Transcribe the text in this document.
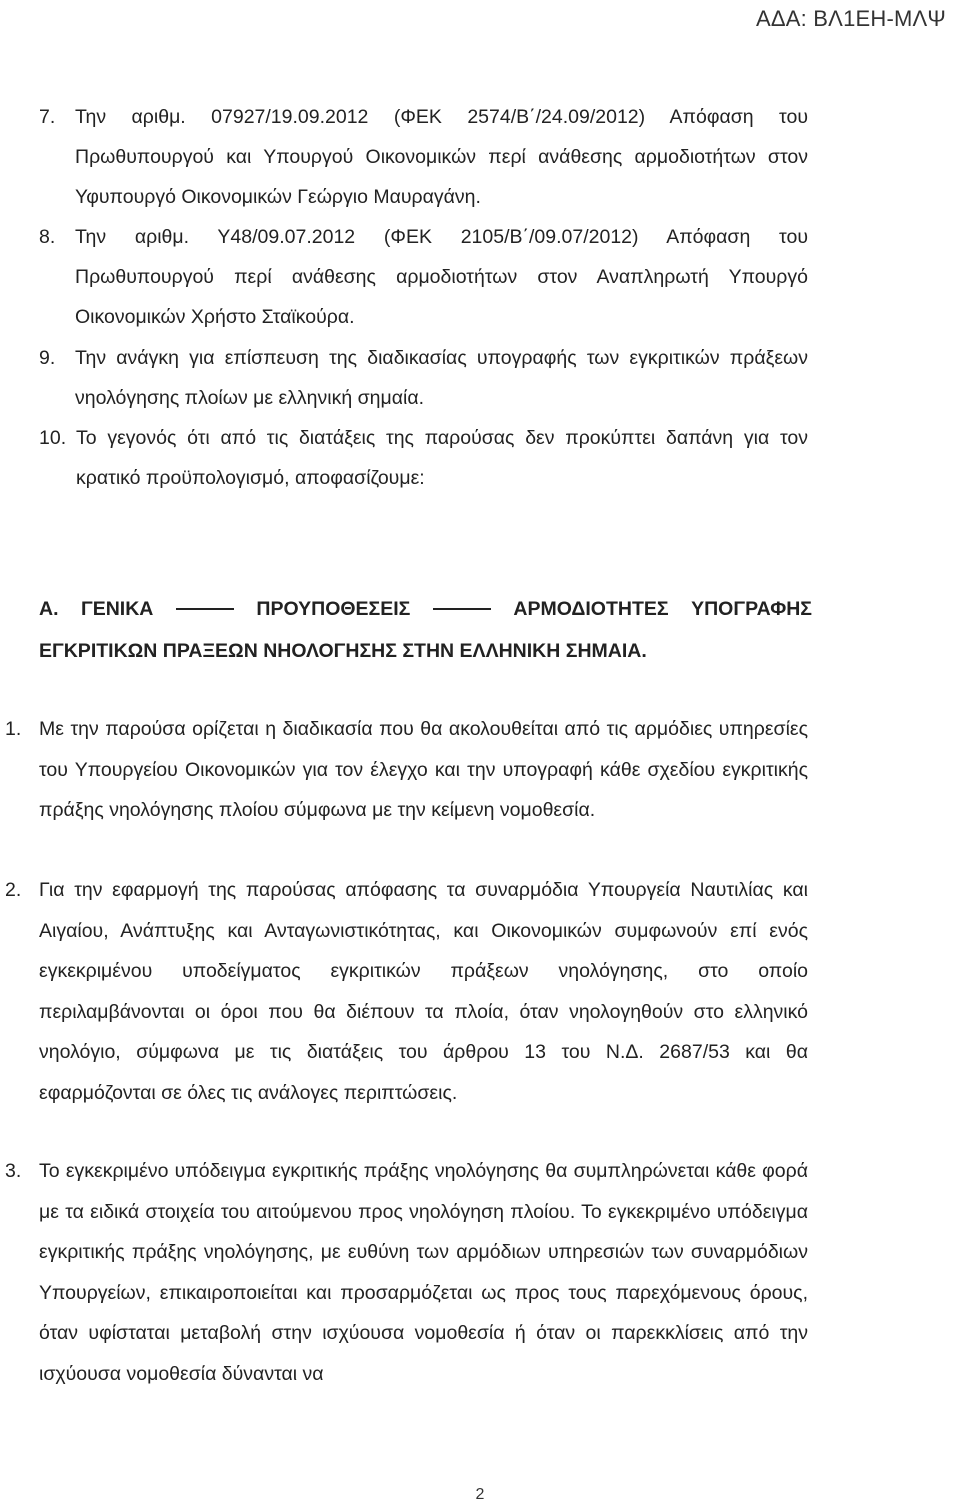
ΑΔΑ: ΒΛ1ΕΗ-ΜΛΨ
7. Την αριθμ. 07927/19.09.2012 (ΦΕΚ 2574/Β΄/24.09/2012) Απόφαση του Πρωθυπουργού και Υπουργού Οικονομικών περί ανάθεσης αρμοδιοτήτων στον Υφυπουργό Οικονομικών Γεώργιο Μαυραγάνη.
8. Την αριθμ. Υ48/09.07.2012 (ΦΕΚ 2105/Β΄/09.07/2012) Απόφαση του Πρωθυπουργού περί ανάθεσης αρμοδιοτήτων στον Αναπληρωτή Υπουργό Οικονομικών Χρήστο Σταϊκούρα.
9. Την ανάγκη για επίσπευση της διαδικασίας υπογραφής των εγκριτικών πράξεων νηολόγησης πλοίων με ελληνική σημαία.
10. Το γεγονός ότι από τις διατάξεις της παρούσας δεν προκύπτει δαπάνη για τον κρατικό προϋπολογισμό, αποφασίζουμε:
Α. ΓΕΝΙΚΑ	ΠΡΟΥΠΟΘΕΣΕΙΣ	ΑΡΜΟΔΙΟΤΗΤΕΣ ΥΠΟΓΡΑΦΗΣ
ΕΓΚΡΙΤΙΚΩΝ ΠΡΑΞΕΩΝ ΝΗΟΛΟΓΗΣΗΣ ΣΤΗΝ ΕΛΛΗΝΙΚΗ ΣΗΜΑΙΑ.
1. Με την παρούσα ορίζεται η διαδικασία που θα ακολουθείται από τις αρμόδιες υπηρεσίες του Υπουργείου Οικονομικών για τον έλεγχο και την υπογραφή κάθε σχεδίου εγκριτικής πράξης νηολόγησης πλοίου σύμφωνα με την κείμενη νομοθεσία.
2. Για την εφαρμογή της παρούσας απόφασης τα συναρμόδια Υπουργεία Ναυτιλίας και Αιγαίου, Ανάπτυξης και Ανταγωνιστικότητας, και Οικονομικών συμφωνούν επί ενός εγκεκριμένου υποδείγματος εγκριτικών πράξεων νηολόγησης, στο οποίο περιλαμβάνονται οι όροι που θα διέπουν τα πλοία, όταν νηολογηθούν στο ελληνικό νηολόγιο, σύμφωνα με τις διατάξεις του άρθρου 13 του Ν.Δ. 2687/53 και θα εφαρμόζονται σε όλες τις ανάλογες περιπτώσεις.
3. Το εγκεκριμένο υπόδειγμα εγκριτικής πράξης νηολόγησης θα συμπληρώνεται κάθε φορά με τα ειδικά στοιχεία του αιτούμενου προς νηολόγηση πλοίου. Το εγκεκριμένο υπόδειγμα εγκριτικής πράξης νηολόγησης, με ευθύνη των αρμόδιων υπηρεσιών των συναρμόδιων Υπουργείων, επικαιροποιείται και προσαρμόζεται ως προς τους παρεχόμενους όρους, όταν υφίσταται μεταβολή στην ισχύουσα νομοθεσία ή όταν οι παρεκκλίσεις από την ισχύουσα νομοθεσία δύνανται να
2
